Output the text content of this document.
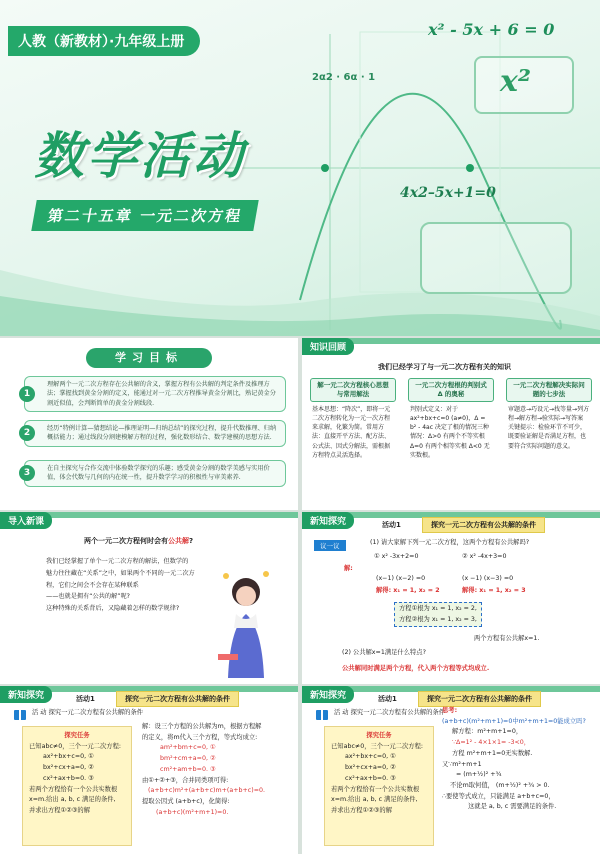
人教（新教材）·九年级上册
x² - 5x + 6 = 0
2α2 · 6α · 1	x²
数学活动
4x2–5x+1=0
第二十五章 一元二次方程
学习目标
1
理解两个一元二次方程存在公共解的含义，掌握方程有公共解的判定条件及推理方法；掌握找到黄金分割的定义，能通过对一元二次方程推导黄金分割比，熟记黄金分割近似值，会判断简单的黄金分割线段.
2	经历“特例计算—猜想结论—推理证明—归纳总结”的探究过程，提升代数推理、归纳概括能力；通过线段分割建模解方程的过程，强化数形结合、数学建模的思想方法.
3	在自主探究与合作交流中体验数学探究的乐趣；感受黄金分割的数学美感与实用价值，体会代数与几何的内在统一性，提升数学学习的积极性与审美素养.
知识回顾
我们已经学习了与一元二次方程有关的知识
解一元二次方程核心思想与常用解法
基本思想：“降次”，即将一元二次方程转化为一元一次方程来求解，化繁为简。常用方法：直接开平方法、配方法、公式法、因式分解法，需根据方程特点灵活选择。
一元二次方程根的判别式 Δ 的奥秘
判别式定义：对于 ax²+bx+c=0 (a≠0)，Δ = b² - 4ac 决定了根的情况三种情况：Δ>0 有两个不等实根 Δ=0 有两个相等实根 Δ<0 无实数根。
一元二次方程解决实际问题的七步法
审题意→巧设元→找等量→列方程→解方程→验实际→写答案 关键提示：检验环节不可少，既要验证解是否满足方程，也要符合实际问题的意义。
导入新课
两个一元二次方程何时会有公共解?
我们已经掌握了单个一元二次方程的解法，但数学的
魅力往往藏在“关系”之中，如果两个不同的一元二次方
程，它们之间会不会存在某种联系
——也就是拥有“公共的解”呢?
这种特殊的关系背后，又隐藏着怎样的数学规律?
新知探究	活动1	探究一元二次方程有公共解的条件
议一议	(1) 请大家解下列一元二次方程，这两个方程有公共解吗?
① x² -3x+2=0	② x² -4x+3=0
解:
(x−1) (x−2) =0	(x −1) (x−3) =0
解得: x₁ = 1, x₂ = 2	解得: x₁ = 1, x₂ = 3
方程①根为 x₁ = 1, x₂ = 2,
方程②根为 x₁ = 1, x₂ = 3,
两个方程有公共解x=1.
(2) 公共解x=1满足什么特点?
公共解同时满足两个方程，代入两个方程等式均成立.
新知探究	活动1	探究一元二次方程有公共解的条件
活 动 探究一元二次方程有公共解的条件
探究任务
已知abc≠0，三个一元二次方程:
ax²+bx+c=0, ①
bx²+cx+a=0, ②
cx²+ax+b=0. ③
若两个方程恰有一个公共实数根
x=m.给出 a, b, c 满足的条件,
并求出方程①②③的解
解：设三个方程的公共解为m，根据方程解
的定义，将m代入三个方程，等式均成立:
am²+bm+c=0, ①
bm²+cm+a=0, ②
cm²+am+b=0. ③
由①+②+③，合并同类项可得:
(a+b+c)m²+(a+b+c)m+(a+b+c)=0.
提取公因式 (a+b+c)，化简得:
(a+b+c)(m²+m+1)=0.
新知探究	活动1	探究一元二次方程有公共解的条件
活 动 探究一元二次方程有公共解的条件
探究任务
已知abc≠0，三个一元二次方程:
ax²+bx+c=0, ①
bx²+cx+a=0, ②
cx²+ax+b=0. ③
若两个方程恰有一个公共实数根
x=m.给出 a, b, c 满足的条件,
并求出方程①②③的解
思考:
(a+b+c)(m²+m+1)=0中m²+m+1=0能成立吗?
解方程：m²+m+1=0，
∵Δ=1² - 4×1×1= -3<0，
方程 m²+m+1=0无实数解.
又∵m²+m+1
= (m+½)² +¾
不论m取何值， (m+½)² +¾ > 0.
∴要使等式成立，只能满足 a+b+c=0，
这就是 a, b, c 需要满足的条件.
